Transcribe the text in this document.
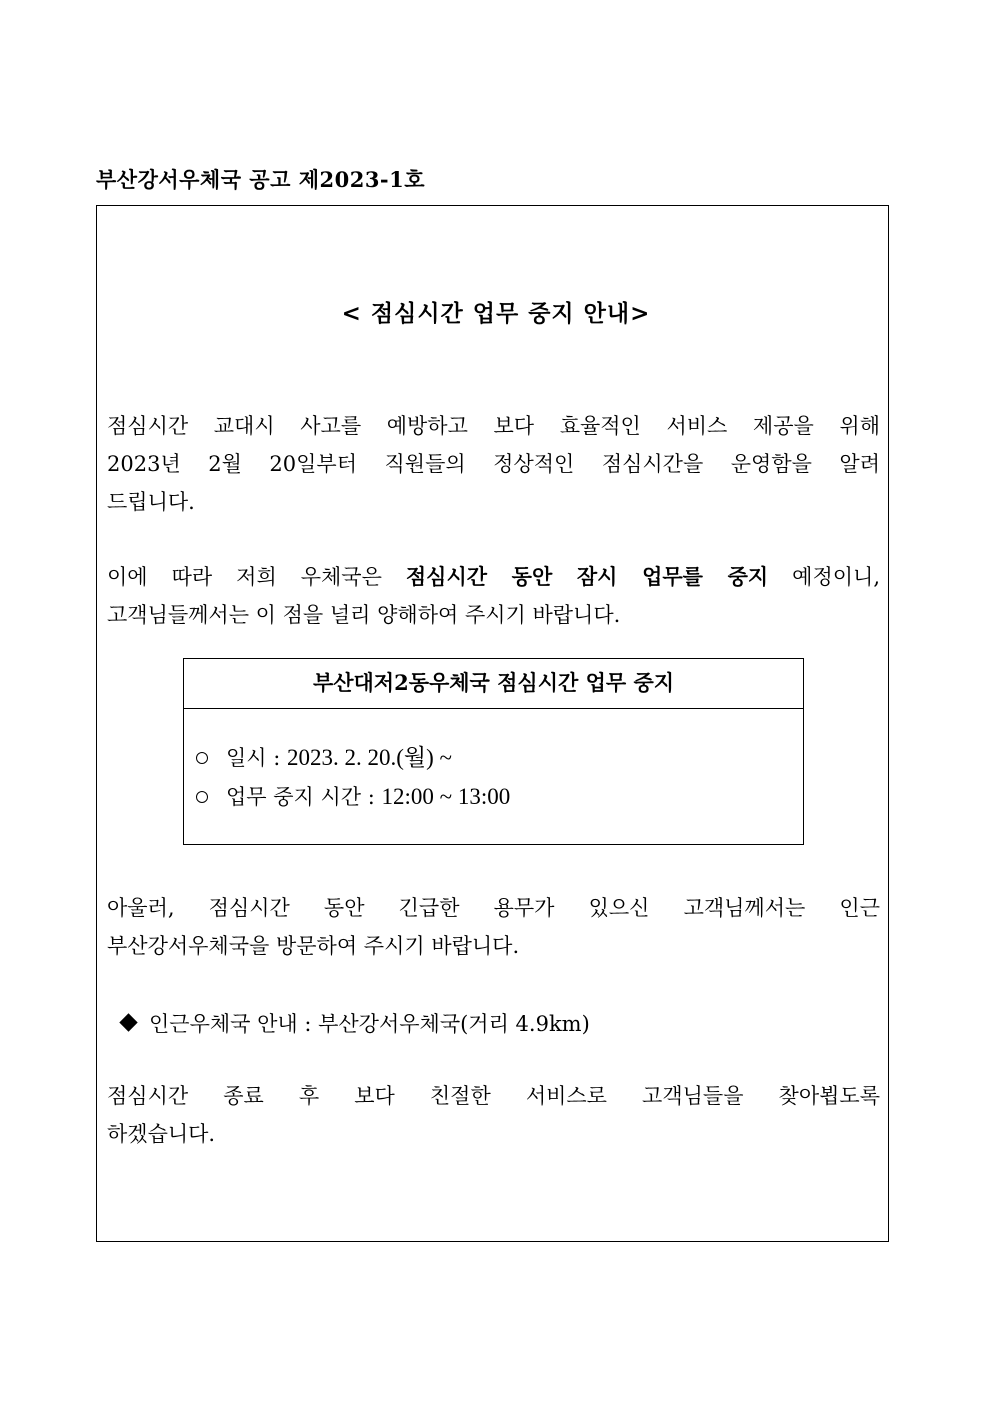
부산강서우체국 공고 제2023-1호
< 점심시간 업무 중지 안내>
점심시간 교대시 사고를 예방하고 보다 효율적인 서비스 제공을 위해
2023년 2월 20일부터 직원들의 정상적인 점심시간을 운영함을 알려
드립니다.
이에 따라 저희 우체국은 점심시간 동안 잠시 업무를 중지 예정이니,
고객님들께서는 이 점을 널리 양해하여 주시기 바랍니다.
부산대저2동우체국 점심시간 업무 중지
일시 : 2023. 2. 20.(월) ~
업무 중지 시간 : 12:00 ~ 13:00
아울러, 점심시간 동안 긴급한 용무가 있으신 고객님께서는 인근
부산강서우체국을 방문하여 주시기 바랍니다.
인근우체국 안내 : 부산강서우체국(거리 4.9km)
점심시간 종료 후 보다 친절한 서비스로 고객님들을 찾아뵙도록
하겠습니다.
